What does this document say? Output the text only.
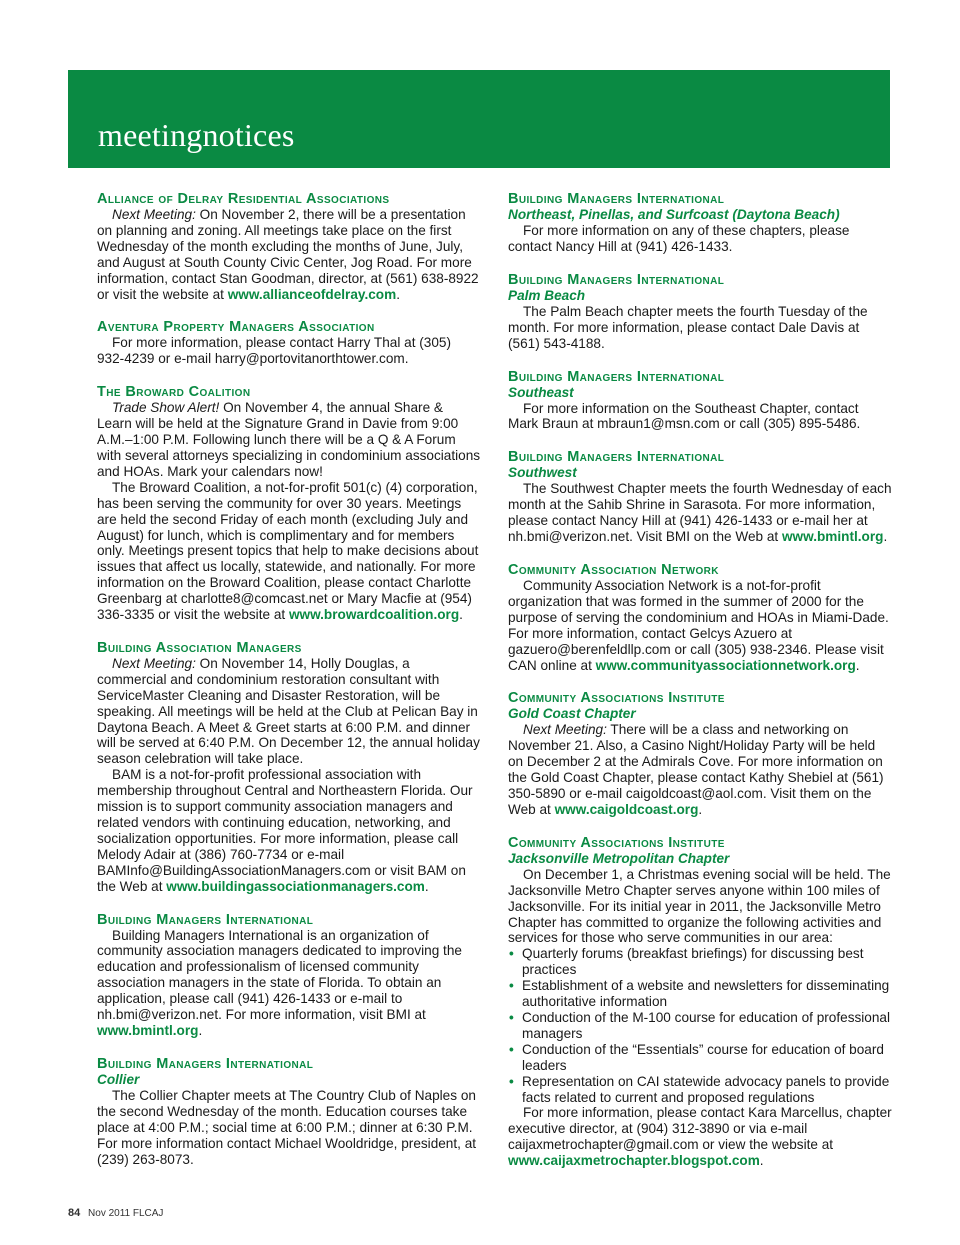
meetingnotices
Alliance of Delray Residential Associations

Next Meeting: On November 2, there will be a presentation on planning and zoning. All meetings take place on the first Wednesday of the month excluding the months of June, July, and August at South County Civic Center, Jog Road. For more information, contact Stan Goodman, director, at (561) 638-8922 or visit the website at www.allianceofdelray.com.

Aventura Property Managers Association

For more information, please contact Harry Thal at (305) 932-4239 or e-mail harry@portovitanorthtower.com.

The Broward Coalition

Trade Show Alert! On November 4, the annual Share & Learn will be held at the Signature Grand in Davie from 9:00 A.M.–1:00 P.M. Following lunch there will be a Q & A Forum with several attorneys specializing in condominium associations and HOAs. Mark your calendars now!

The Broward Coalition, a not-for-profit 501(c) (4) corporation, has been serving the community for over 30 years. Meetings are held the second Friday of each month (excluding July and August) for lunch, which is complimentary and for members only. Meetings present topics that help to make decisions about issues that affect us locally, statewide, and nationally. For more information on the Broward Coalition, please contact Charlotte Greenbarg at charlotte8@comcast.net or Mary Macfie at (954) 336-3335 or visit the website at www.browardcoalition.org.

Building Association Managers

Next Meeting: On November 14, Holly Douglas, a commercial and condominium restoration consultant with ServiceMaster Cleaning and Disaster Restoration, will be speaking. All meetings will be held at the Club at Pelican Bay in Daytona Beach. A Meet & Greet starts at 6:00 P.M. and dinner will be served at 6:40 P.M. On December 12, the annual holiday season celebration will take place.

BAM is a not-for-profit professional association with membership throughout Central and Northeastern Florida. Our mission is to support community association managers and related vendors with continuing education, networking, and socialization opportunities. For more information, please call Melody Adair at (386) 760-7734 or e-mail BAMInfo@BuildingAssociationManagers.com or visit BAM on the Web at www.buildingassociationmanagers.com.

Building Managers International

Building Managers International is an organization of community association managers dedicated to improving the education and professionalism of licensed community association managers in the state of Florida. To obtain an application, please call (941) 426-1433 or e-mail to nh.bmi@verizon.net. For more information, visit BMI at www.bmintl.org.

Building Managers International
Collier

The Collier Chapter meets at The Country Club of Naples on the second Wednesday of the month. Education courses take place at 4:00 P.M.; social time at 6:00 P.M.; dinner at 6:30 P.M. For more information contact Michael Wooldridge, president, at (239) 263-8073.

Building Managers International
Northeast, Pinellas, and Surfcoast (Daytona Beach)

For more information on any of these chapters, please contact Nancy Hill at (941) 426-1433.

Building Managers International
Palm Beach

The Palm Beach chapter meets the fourth Tuesday of the month. For more information, please contact Dale Davis at (561) 543-4188.

Building Managers International
Southeast

For more information on the Southeast Chapter, contact Mark Braun at mbraun1@msn.com or call (305) 895-5486.

Building Managers International
Southwest

The Southwest Chapter meets the fourth Wednesday of each month at the Sahib Shrine in Sarasota. For more information, please contact Nancy Hill at (941) 426-1433 or e-mail her at nh.bmi@verizon.net. Visit BMI on the Web at www.bmintl.org.

Community Association Network

Community Association Network is a not-for-profit organization that was formed in the summer of 2000 for the purpose of serving the condominium and HOAs in Miami-Dade. For more information, contact Gelcys Azuero at gazuero@berenfeldllp.com or call (305) 938-2346. Please visit CAN online at www.communityassociationnetwork.org.

Community Associations Institute
Gold Coast Chapter

Next Meeting: There will be a class and networking on November 21. Also, a Casino Night/Holiday Party will be held on December 2 at the Admirals Cove. For more information on the Gold Coast Chapter, please contact Kathy Shebiel at (561) 350-5890 or e-mail caigoldcoast@aol.com. Visit them on the Web at www.caigoldcoast.org.

Community Associations Institute
Jacksonville Metropolitan Chapter

On December 1, a Christmas evening social will be held. The Jacksonville Metro Chapter serves anyone within 100 miles of Jacksonville. For its initial year in 2011, the Jacksonville Metro Chapter has committed to organize the following activities and services for those who serve communities in our area:

• Quarterly forums (breakfast briefings) for discussing best practices
• Establishment of a website and newsletters for disseminating authoritative information
• Conduction of the M-100 course for education of professional managers
• Conduction of the “Essentials” course for education of board leaders
• Representation on CAI statewide advocacy panels to provide facts related to current and proposed regulations

For more information, please contact Kara Marcellus, chapter executive director, at (904) 312-3890 or via e-mail caijaxmetrochapter@gmail.com or view the website at www.caijaxmetrochapter.blogspot.com.

84 Nov 2011 FLCAJ
